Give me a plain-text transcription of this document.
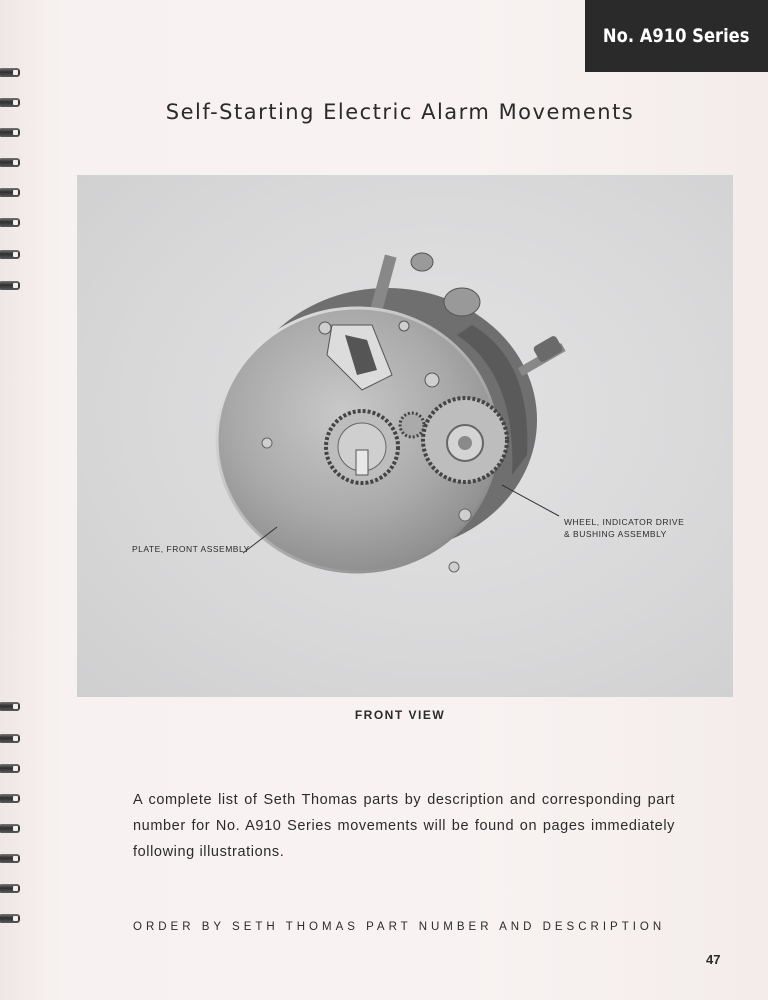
No. A910 Series
Self-Starting Electric Alarm Movements
PLATE, FRONT ASSEMBLY
WHEEL, INDICATOR DRIVE
& BUSHING ASSEMBLY
FRONT VIEW
A complete list of Seth Thomas parts by description and corresponding part number for No. A910 Series movements will be found on pages immediately following illustrations.
ORDER BY SETH THOMAS PART NUMBER AND DESCRIPTION
47
